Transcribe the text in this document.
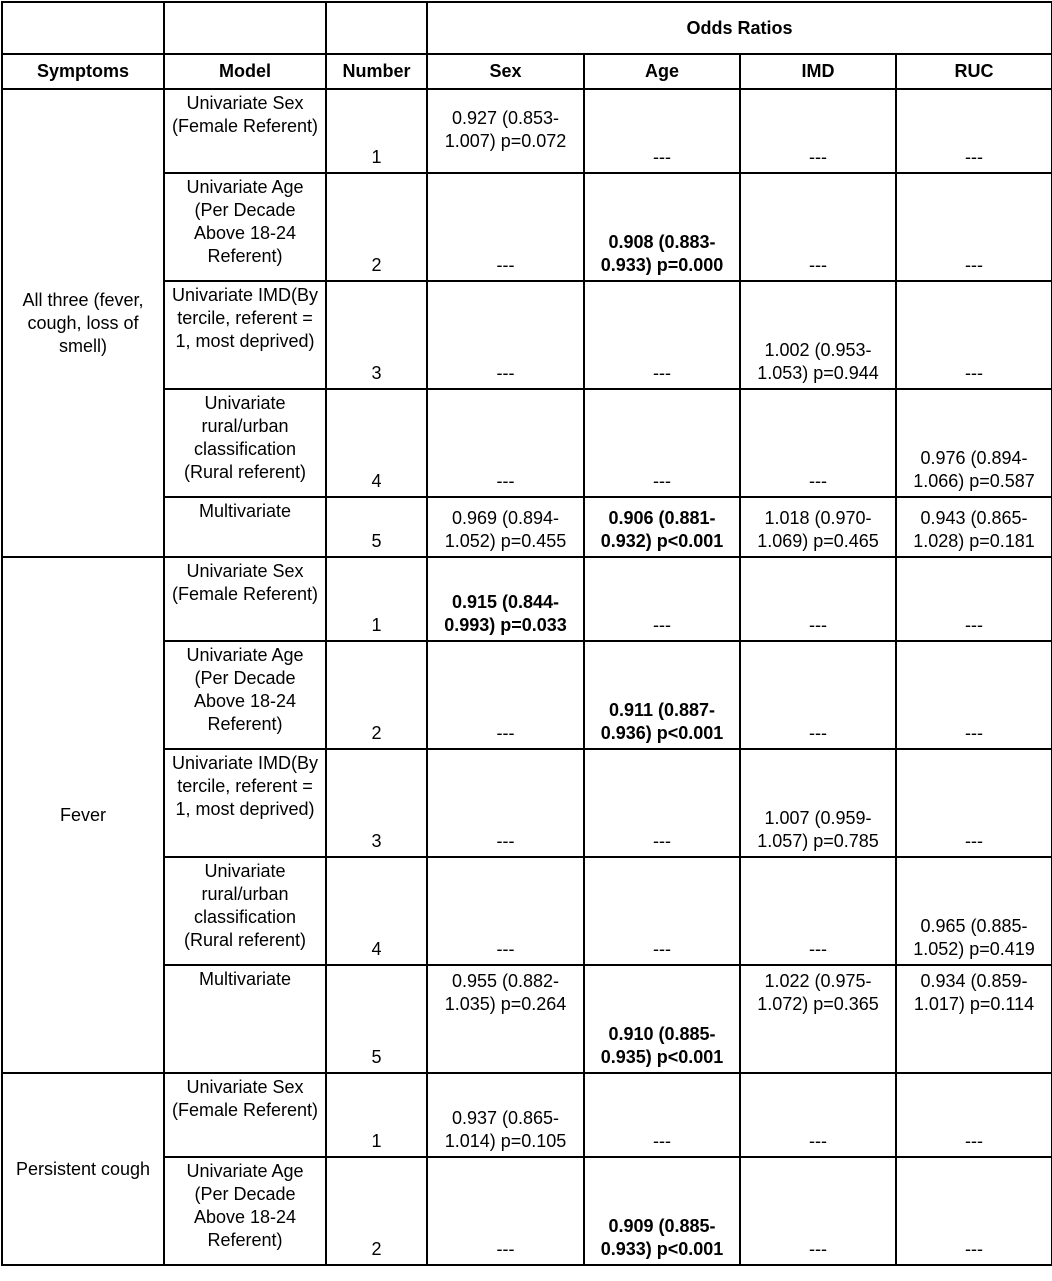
			Odds Ratios			
Symptoms	Model	Number	Sex	Age	IMD	RUC
All three (fever, cough, loss of smell)	Univariate Sex (Female Referent)	1	0.927 (0.853-1.007) p=0.072	---	---	---
	Univariate Age (Per Decade Above 18-24 Referent)	2	---	0.908 (0.883-0.933) p=0.000	---	---
	Univariate IMD(By tercile, referent = 1, most deprived)	3	---	---	1.002 (0.953-1.053) p=0.944	---
	Univariate rural/urban classification (Rural referent)	4	---	---	---	0.976 (0.894-1.066) p=0.587
	Multivariate	5	0.969 (0.894-1.052) p=0.455	0.906 (0.881-0.932) p<0.001	1.018 (0.970-1.069) p=0.465	0.943 (0.865-1.028) p=0.181
Fever	Univariate Sex (Female Referent)	1	0.915 (0.844-0.993) p=0.033	---	---	---
	Univariate Age (Per Decade Above 18-24 Referent)	2	---	0.911 (0.887-0.936) p<0.001	---	---
	Univariate IMD(By tercile, referent = 1, most deprived)	3	---	---	1.007 (0.959-1.057) p=0.785	---
	Univariate rural/urban classification (Rural referent)	4	---	---	---	0.965 (0.885-1.052) p=0.419
	Multivariate	5	0.955 (0.882-1.035) p=0.264	0.910 (0.885-0.935) p<0.001	1.022 (0.975-1.072) p=0.365	0.934 (0.859-1.017) p=0.114
Persistent cough	Univariate Sex (Female Referent)	1	0.937 (0.865-1.014) p=0.105	---	---	---
	Univariate Age (Per Decade Above 18-24 Referent)	2	---	0.909 (0.885-0.933) p<0.001	---	---
